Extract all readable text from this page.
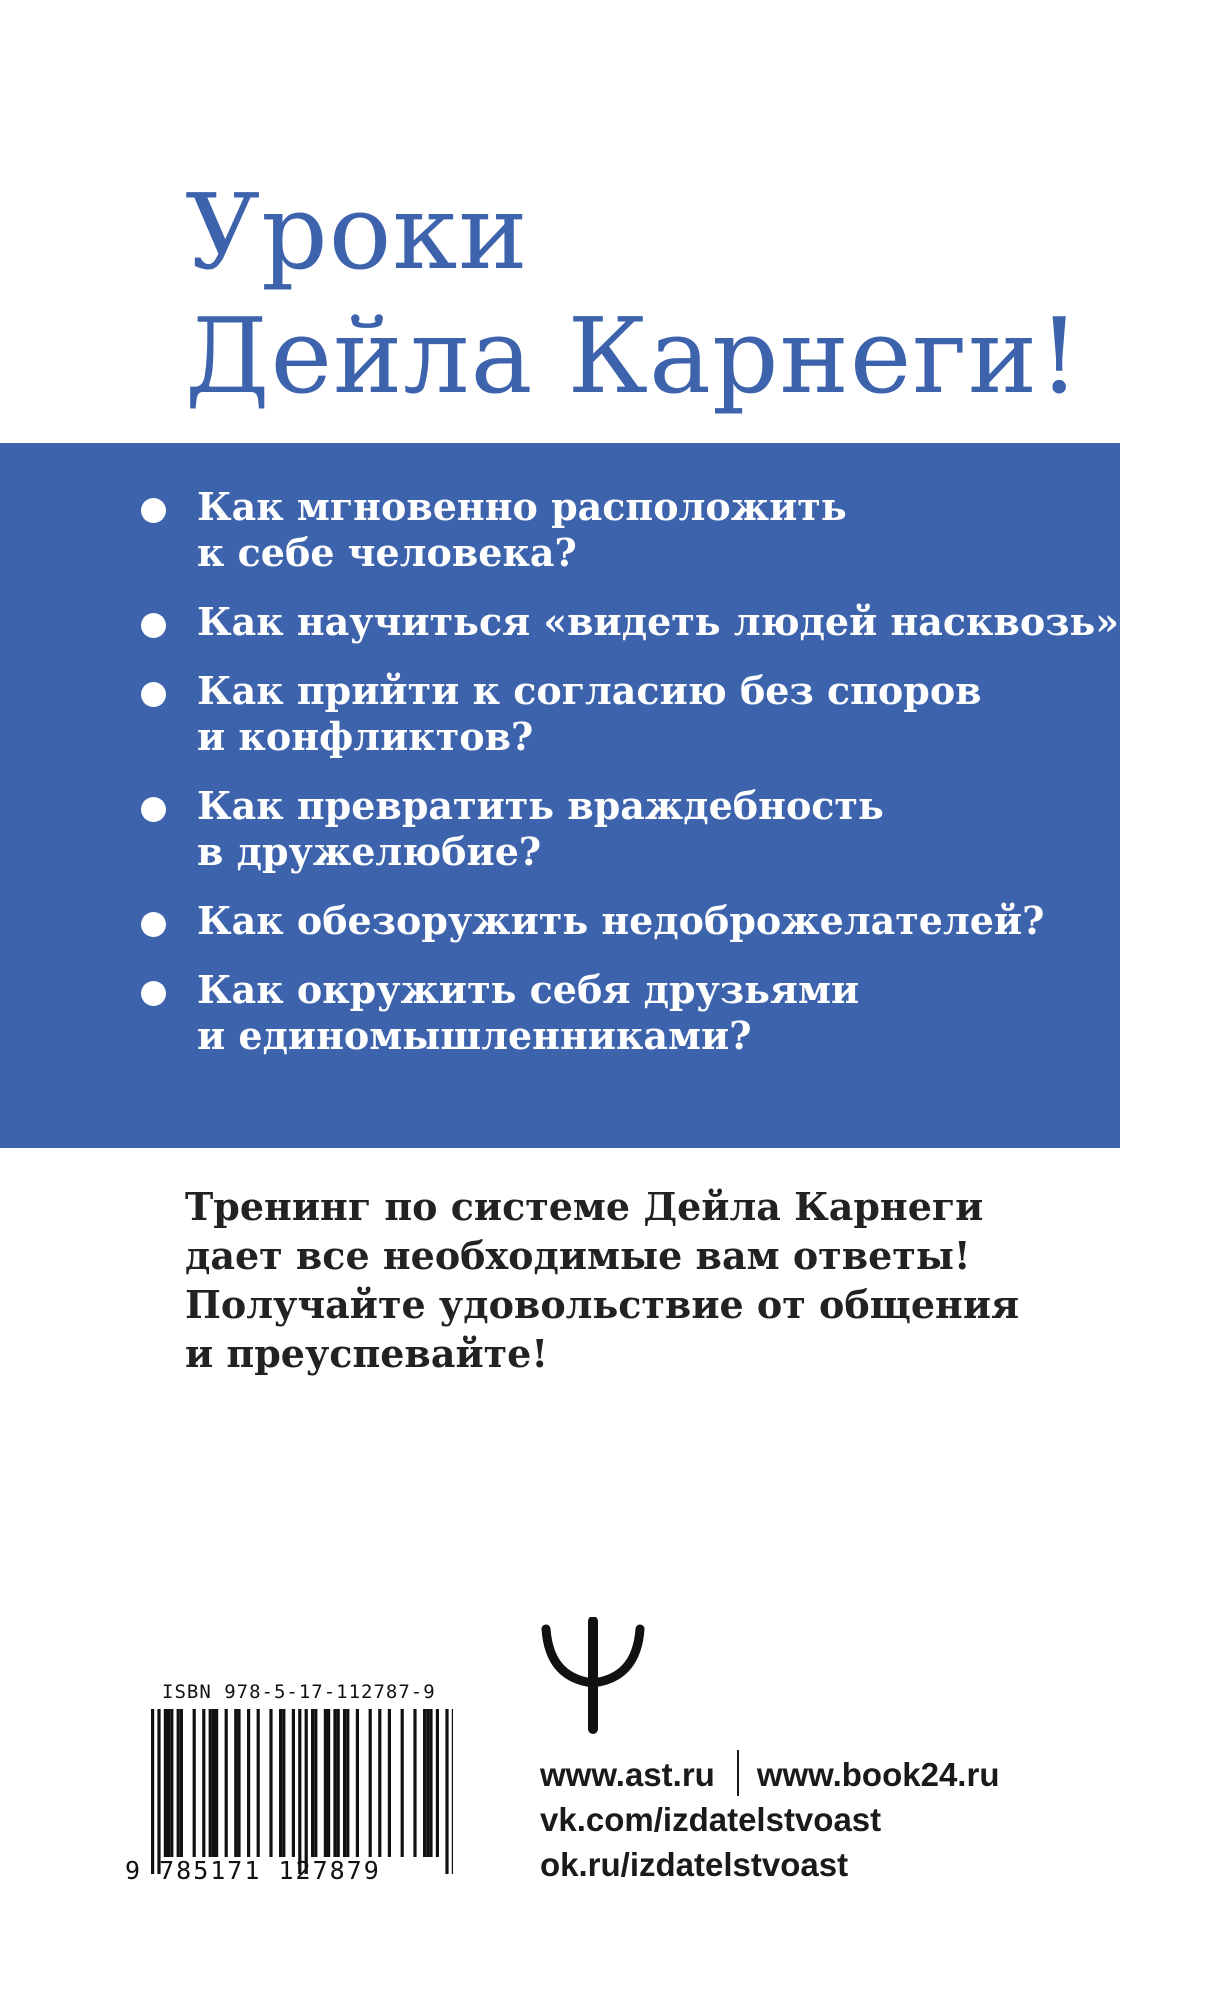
Уроки
Дейла Карнеги!
Как мгновенно расположить
к себе человека?
Как научиться «видеть людей насквозь»?
Как прийти к согласию без споров
и конфликтов?
Как превратить враждебность
в дружелюбие?
Как обезоружить недоброжелателей?
Как окружить себя друзьями
и единомышленниками?
Тренинг по системе Дейла Карнеги
дает все необходимые вам ответы!
Получайте удовольствие от общения
и преуспевайте!
ISBN 978-5-17-112787-9
9 785171 127879
www.ast.ru www.book24.ru
vk.com/izdatelstvoast
ok.ru/izdatelstvoast
